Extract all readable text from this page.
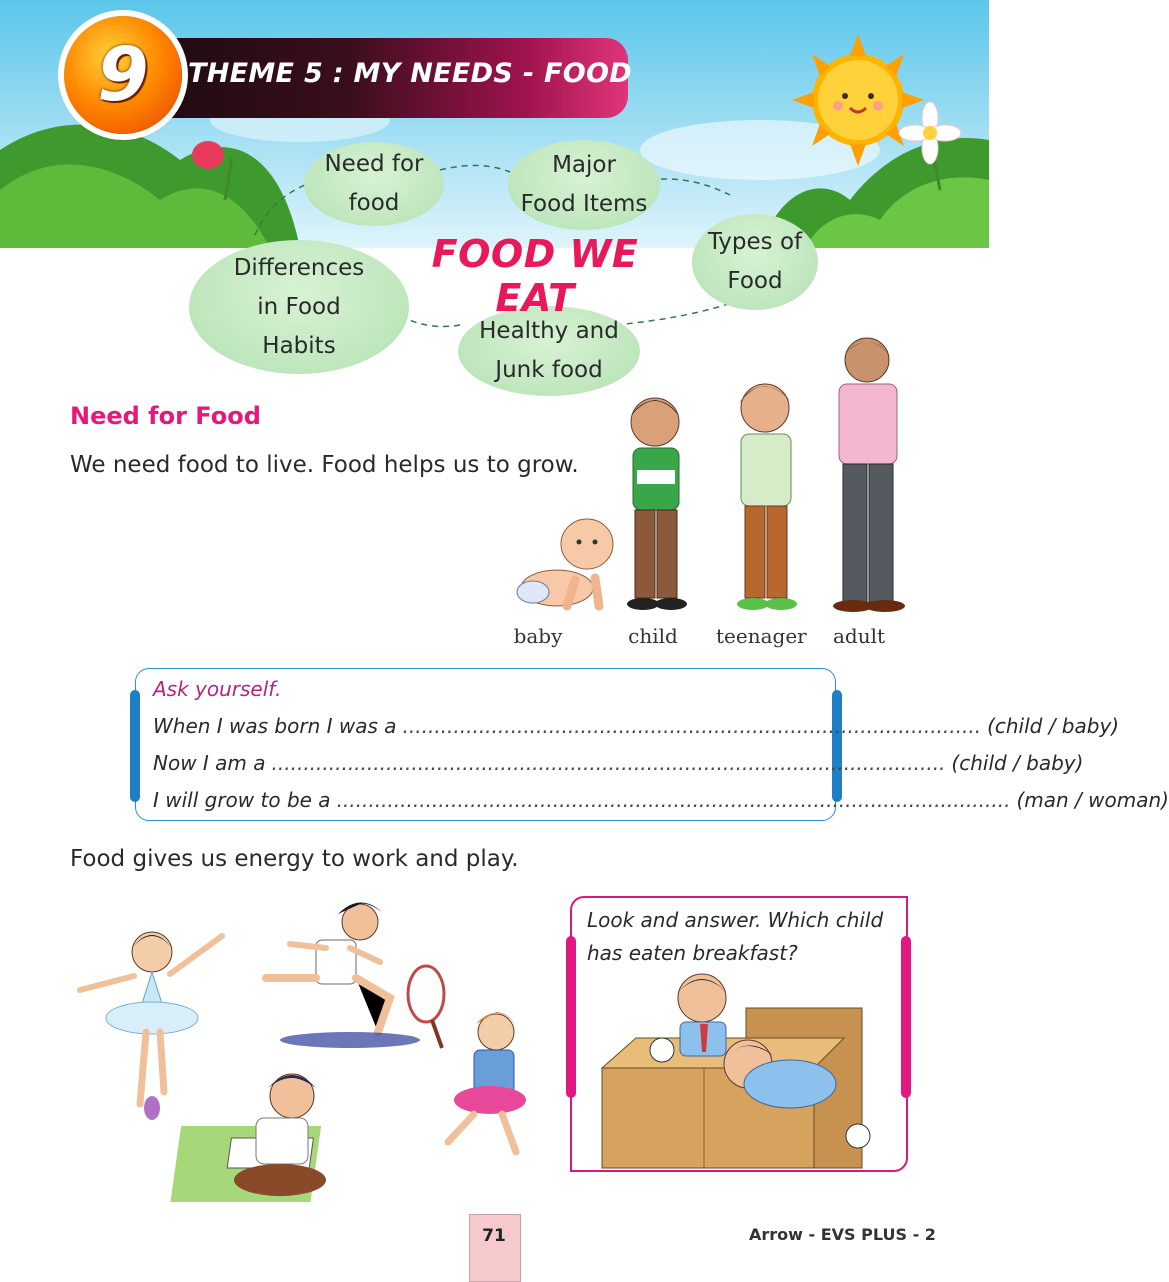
THEME 5 : MY NEEDS - FOOD
9
Need for
food
Major
Food Items
Types of
Food
Differences
in Food
Habits
Healthy and
Junk food
FOOD WE EAT
Need for Food
We need food to live. Food helps us to grow.
baby	child	teenager adult
Ask yourself.
When I was born I was a ........................................................................................... (child / baby)
Now I am a .......................................................................................................... (child / baby)
I will grow to be a .......................................................................................................... (man / woman)
Food gives us energy to work and play.
Look and answer. Which child has eaten breakfast?
71	Arrow - EVS PLUS - 2
